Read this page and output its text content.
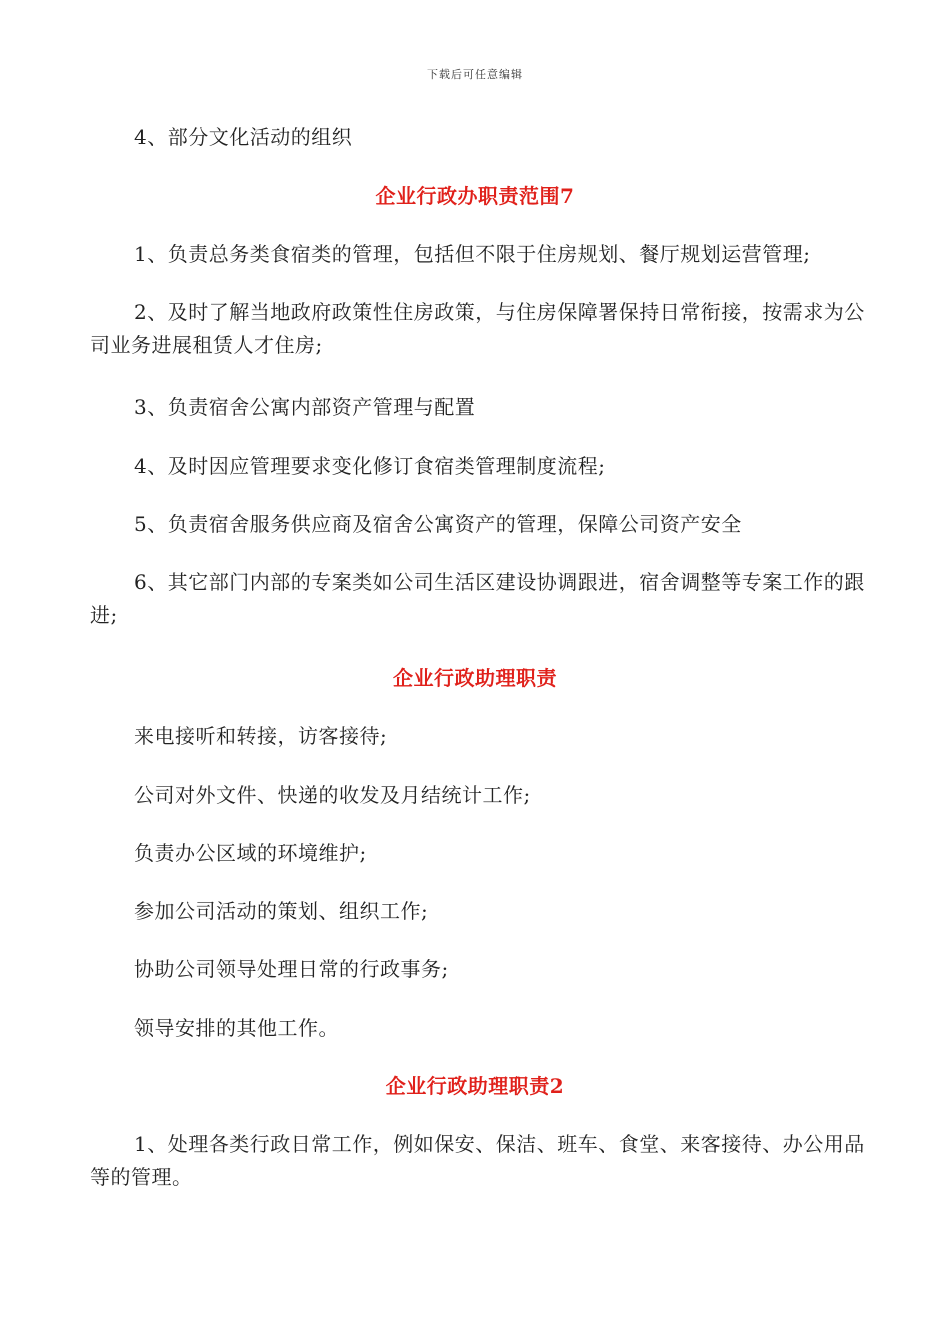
下载后可任意编辑

4、部分文化活动的组织

企业行政办职责范围7

1、负责总务类食宿类的管理，包括但不限于住房规划、餐厅规划运营管理;

2、及时了解当地政府政策性住房政策，与住房保障署保持日常衔接，按需求为公司业务进展租赁人才住房;

3、负责宿舍公寓内部资产管理与配置

4、及时因应管理要求变化修订食宿类管理制度流程;

5、负责宿舍服务供应商及宿舍公寓资产的管理，保障公司资产安全

6、其它部门内部的专案类如公司生活区建设协调跟进，宿舍调整等专案工作的跟进;

企业行政助理职责

来电接听和转接，访客接待;

公司对外文件、快递的收发及月结统计工作;

负责办公区域的环境维护;

参加公司活动的策划、组织工作;

协助公司领导处理日常的行政事务;

领导安排的其他工作。

企业行政助理职责2

1、处理各类行政日常工作，例如保安、保洁、班车、食堂、来客接待、办公用品等的管理。
